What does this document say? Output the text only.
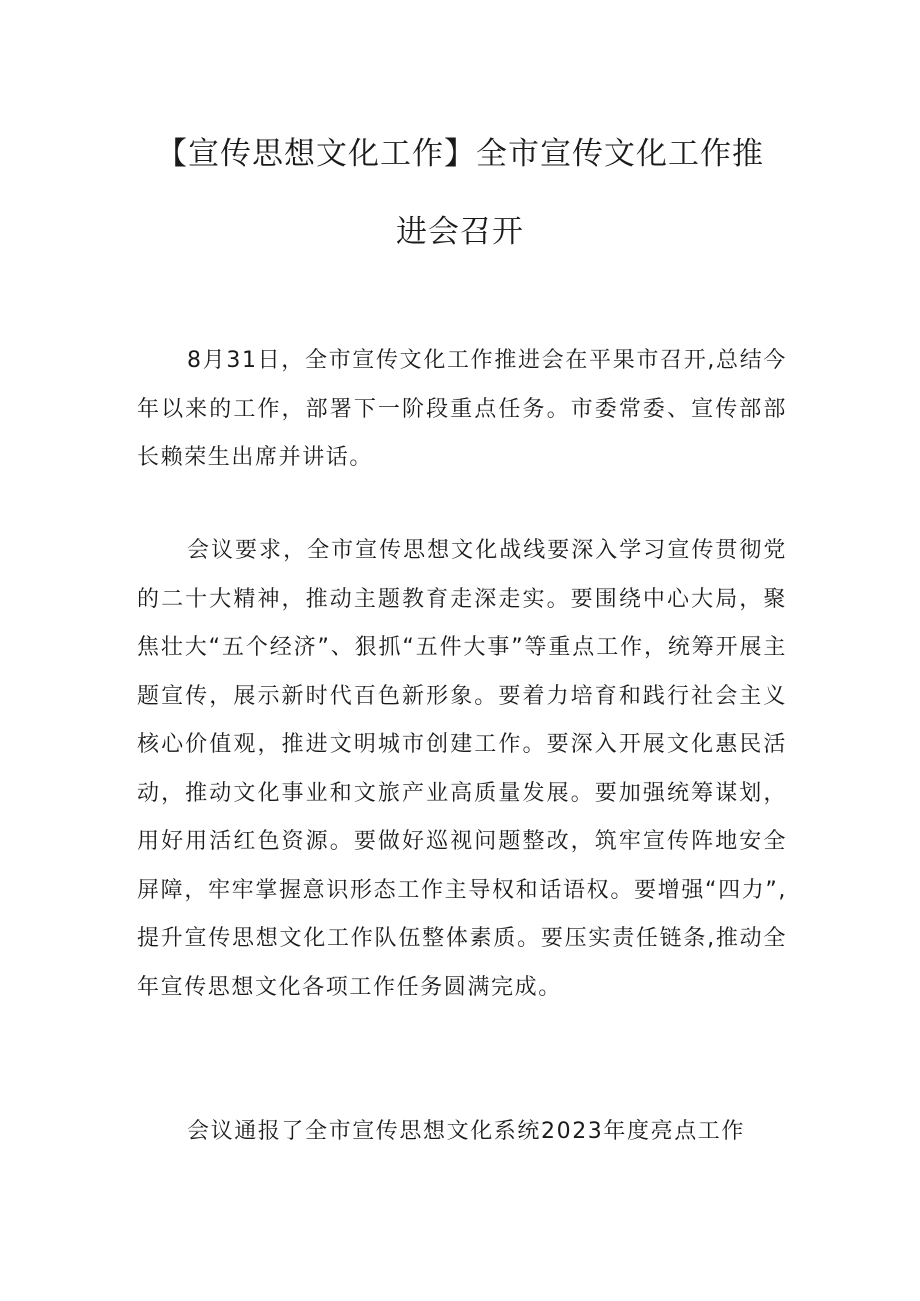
【宣传思想文化工作】全市宣传文化工作推
进会召开

8月31日，全市宣传文化工作推进会在平果市召开,总结今年以来的工作，部署下一阶段重点任务。市委常委、宣传部部长赖荣生出席并讲话。

会议要求，全市宣传思想文化战线要深入学习宣传贯彻党的二十大精神，推动主题教育走深走实。要围绕中心大局，聚焦壮大“五个经济”、狠抓“五件大事”等重点工作，统筹开展主题宣传，展示新时代百色新形象。要着力培育和践行社会主义核心价值观，推进文明城市创建工作。要深入开展文化惠民活动，推动文化事业和文旅产业高质量发展。要加强统筹谋划，用好用活红色资源。要做好巡视问题整改，筑牢宣传阵地安全屏障，牢牢掌握意识形态工作主导权和话语权。要增强“四力”,提升宣传思想文化工作队伍整体素质。要压实责任链条,推动全年宣传思想文化各项工作任务圆满完成。

会议通报了全市宣传思想文化系统2023年度亮点工作
